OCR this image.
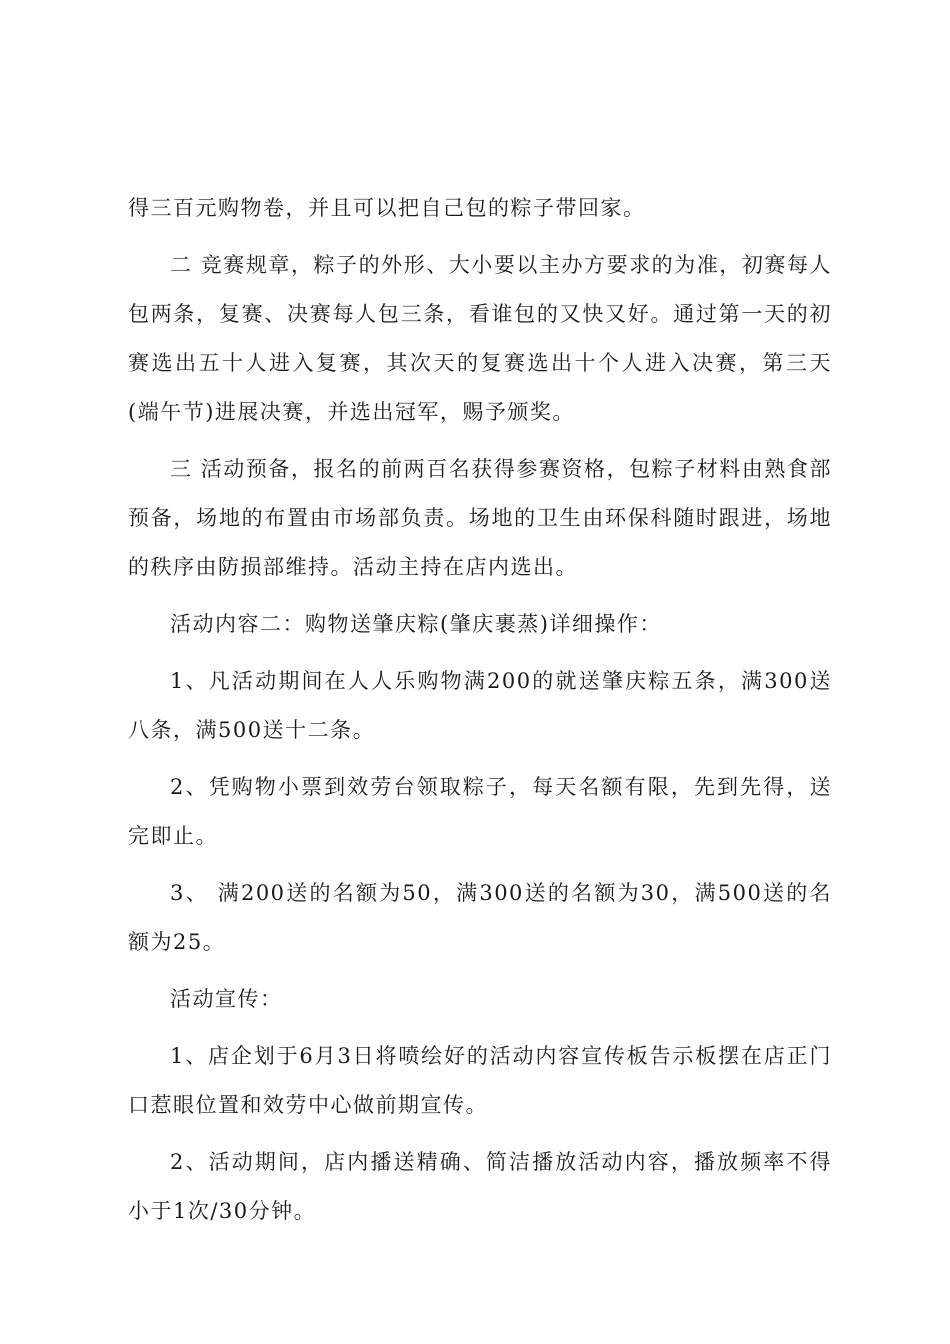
得三百元购物卷，并且可以把自己包的粽子带回家。

二 竞赛规章，粽子的外形、大小要以主办方要求的为准，初赛每人包两条，复赛、决赛每人包三条，看谁包的又快又好。通过第一天的初赛选出五十人进入复赛，其次天的复赛选出十个人进入决赛，第三天(端午节)进展决赛，并选出冠军，赐予颁奖。

三 活动预备，报名的前两百名获得参赛资格，包粽子材料由熟食部预备，场地的布置由市场部负责。场地的卫生由环保科随时跟进，场地的秩序由防损部维持。活动主持在店内选出。

活动内容二：购物送肇庆粽(肇庆裹蒸)详细操作：

1、凡活动期间在人人乐购物满200的就送肇庆粽五条，满300送八条，满500送十二条。

2、凭购物小票到效劳台领取粽子，每天名额有限，先到先得，送完即止。

3、 满200送的名额为50，满300送的名额为30，满500送的名额为25。

活动宣传：

1、店企划于6月3日将喷绘好的活动内容宣传板告示板摆在店正门口惹眼位置和效劳中心做前期宣传。

2、活动期间，店内播送精确、简洁播放活动内容，播放频率不得小于1次/30分钟。
